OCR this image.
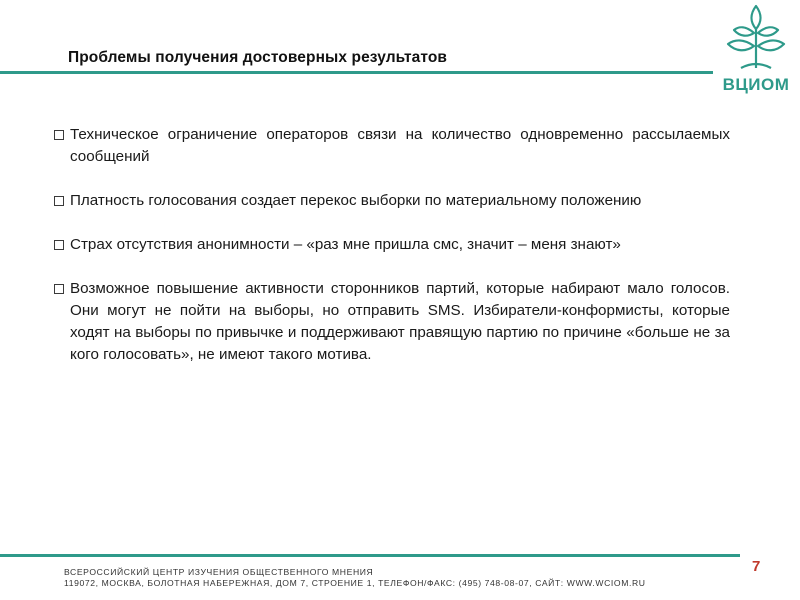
Проблемы получения достоверных результатов
ВЦИОМ
Техническое ограничение операторов связи на количество одновременно рассылаемых сообщений
Платность голосования создает перекос выборки по материальному положению
Страх отсутствия анонимности – «раз мне пришла смс, значит – меня знают»
Возможное повышение активности сторонников партий, которые набирают мало голосов. Они могут не пойти на выборы, но отправить SMS. Избиратели-конформисты, которые ходят на выборы по привычке и поддерживают правящую партию по причине «больше не за кого голосовать», не имеют такого мотива.
7
ВСЕРОССИЙСКИЙ ЦЕНТР ИЗУЧЕНИЯ ОБЩЕСТВЕННОГО МНЕНИЯ
119072, МОСКВА, БОЛОТНАЯ НАБЕРЕЖНАЯ, ДОМ 7, СТРОЕНИЕ 1, ТЕЛЕФОН/ФАКС: (495) 748-08-07, САЙТ: WWW.WCIOM.RU
